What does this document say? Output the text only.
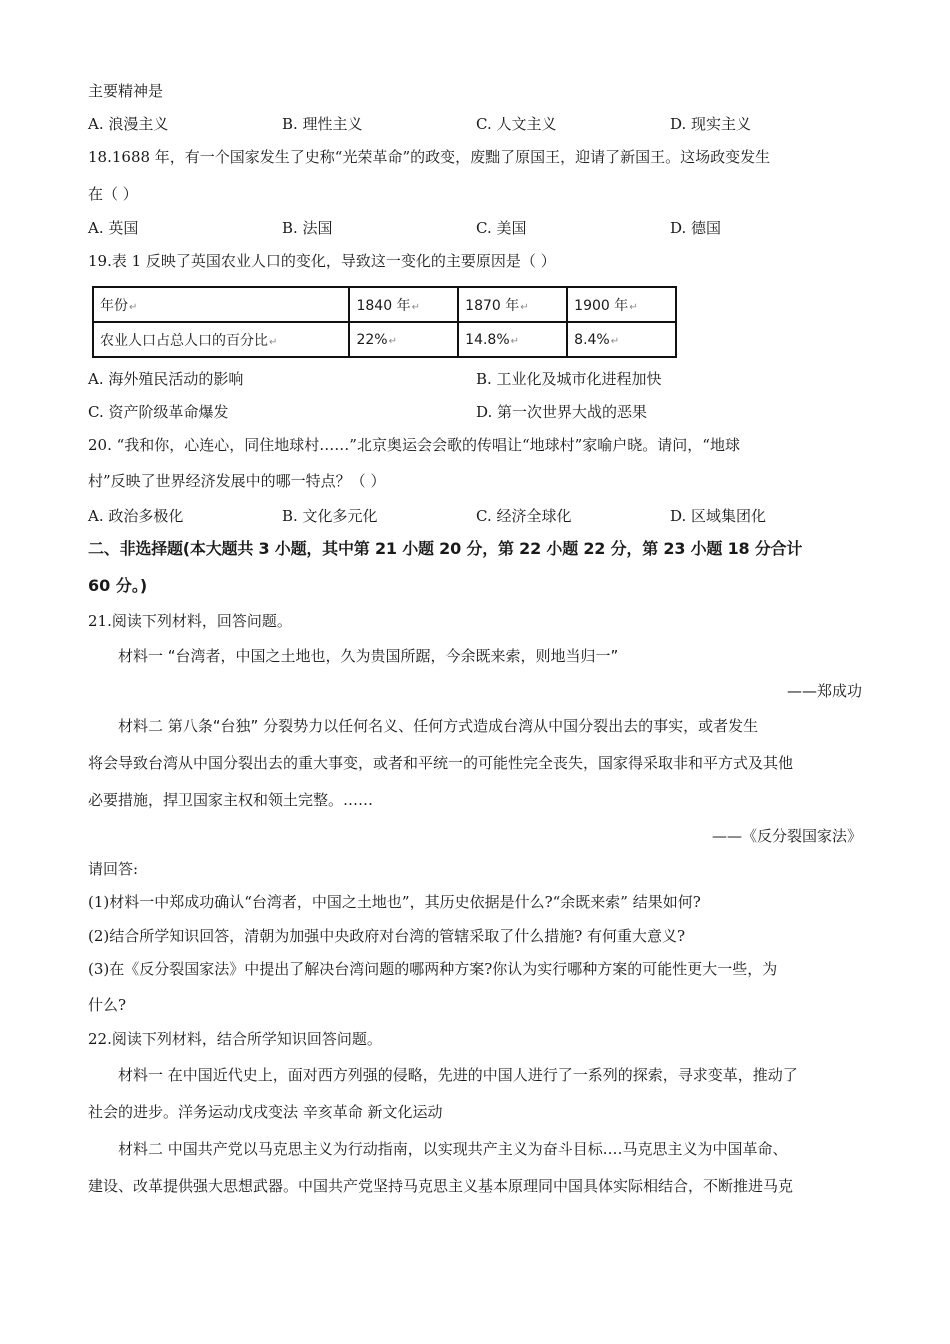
主要精神是
A. 浪漫主义	B. 理性主义	C. 人文主义	D. 现实主义
18.1688 年，有一个国家发生了史称“光荣革命”的政变，废黜了原国王，迎请了新国王。这场政变发生
在（ ）
A. 英国	B. 法国	C. 美国	D. 德国
19.表 1 反映了英国农业人口的变化，导致这一变化的主要原因是（ ）
年份↵	1840 年↵	1870 年↵	1900 年↵
农业人口占总人口的百分比↵	22%↵	14.8%↵	8.4%↵
A. 海外殖民活动的影响	B. 工业化及城市化进程加快
C. 资产阶级革命爆发	D. 第一次世界大战的恶果
20. “我和你，心连心，同住地球村……”北京奥运会会歌的传唱让“地球村”家喻户晓。请问，“地球
村”反映了世界经济发展中的哪一特点？（ ）
A. 政治多极化	B. 文化多元化	C. 经济全球化	D. 区域集团化
二、非选择题(本大题共 3 小题，其中第 21 小题 20 分，第 22 小题 22 分，第 23 小题 18 分合计
60 分。)
21.阅读下列材料，回答问题。
材料一 “台湾者，中国之土地也，久为贵国所踞，今余既来索，则地当归一”
——郑成功
材料二 第八条“台独” 分裂势力以任何名义、任何方式造成台湾从中国分裂出去的事实，或者发生
将会导致台湾从中国分裂出去的重大事变，或者和平统一的可能性完全丧失，国家得采取非和平方式及其他
必要措施，捍卫国家主权和领土完整。……
——《反分裂国家法》
请回答:
(1)材料一中郑成功确认“台湾者，中国之土地也”，其历史依据是什么?“余既来索” 结果如何?
(2)结合所学知识回答，清朝为加强中央政府对台湾的管辖采取了什么措施? 有何重大意义?
(3)在《反分裂国家法》中提出了解决台湾问题的哪两种方案?你认为实行哪种方案的可能性更大一些，为
什么?
22.阅读下列材料，结合所学知识回答问题。
材料一 在中国近代史上，面对西方列强的侵略，先进的中国人进行了一系列的探索，寻求变革，推动了
社会的进步。洋务运动戊戌变法 辛亥革命 新文化运动
材料二 中国共产党以马克思主义为行动指南，以实现共产主义为奋斗目标.…马克思主义为中国革命、
建设、改革提供强大思想武器。中国共产党坚持马克思主义基本原理同中国具体实际相结合，不断推进马克
